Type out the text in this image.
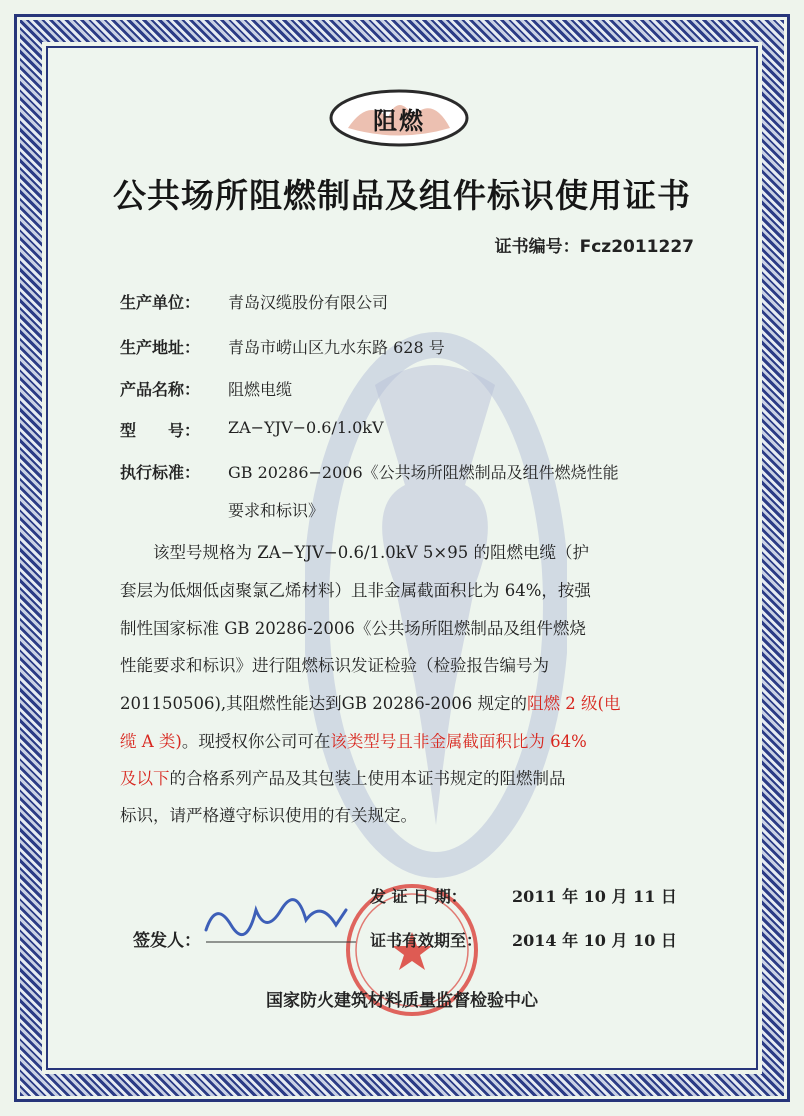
阻燃
公共场所阻燃制品及组件标识使用证书
证书编号：Fcz2011227
生产单位：	青岛汉缆股份有限公司
生产地址：	青岛市崂山区九水东路 628 号
产品名称：	阻燃电缆
型　　号：	ZA−YJV−0.6/1.0kV
执行标准：	GB 20286−2006《公共场所阻燃制品及组件燃烧性能
要求和标识》
　　该型号规格为 ZA−YJV−0.6/1.0kV 5×95 的阻燃电缆（护
套层为低烟低卤聚氯乙烯材料）且非金属截面积比为 64%，按强
制性国家标准 GB 20286-2006《公共场所阻燃制品及组件燃烧
性能要求和标识》进行阻燃标识发证检验（检验报告编号为
201150506),其阻燃性能达到GB 20286-2006 规定的阻燃 2 级(电
缆 A 类)。现授权你公司可在该类型号且非金属截面积比为 64%
及以下的合格系列产品及其包装上使用本证书规定的阻燃制品
标识，请严格遵守标识使用的有关规定。
发 证 日 期：	2011 年 10 月 11 日
证书有效期至： 2014 年 10 月 10 日
签发人：
国家防火建筑材料质量监督检验中心
